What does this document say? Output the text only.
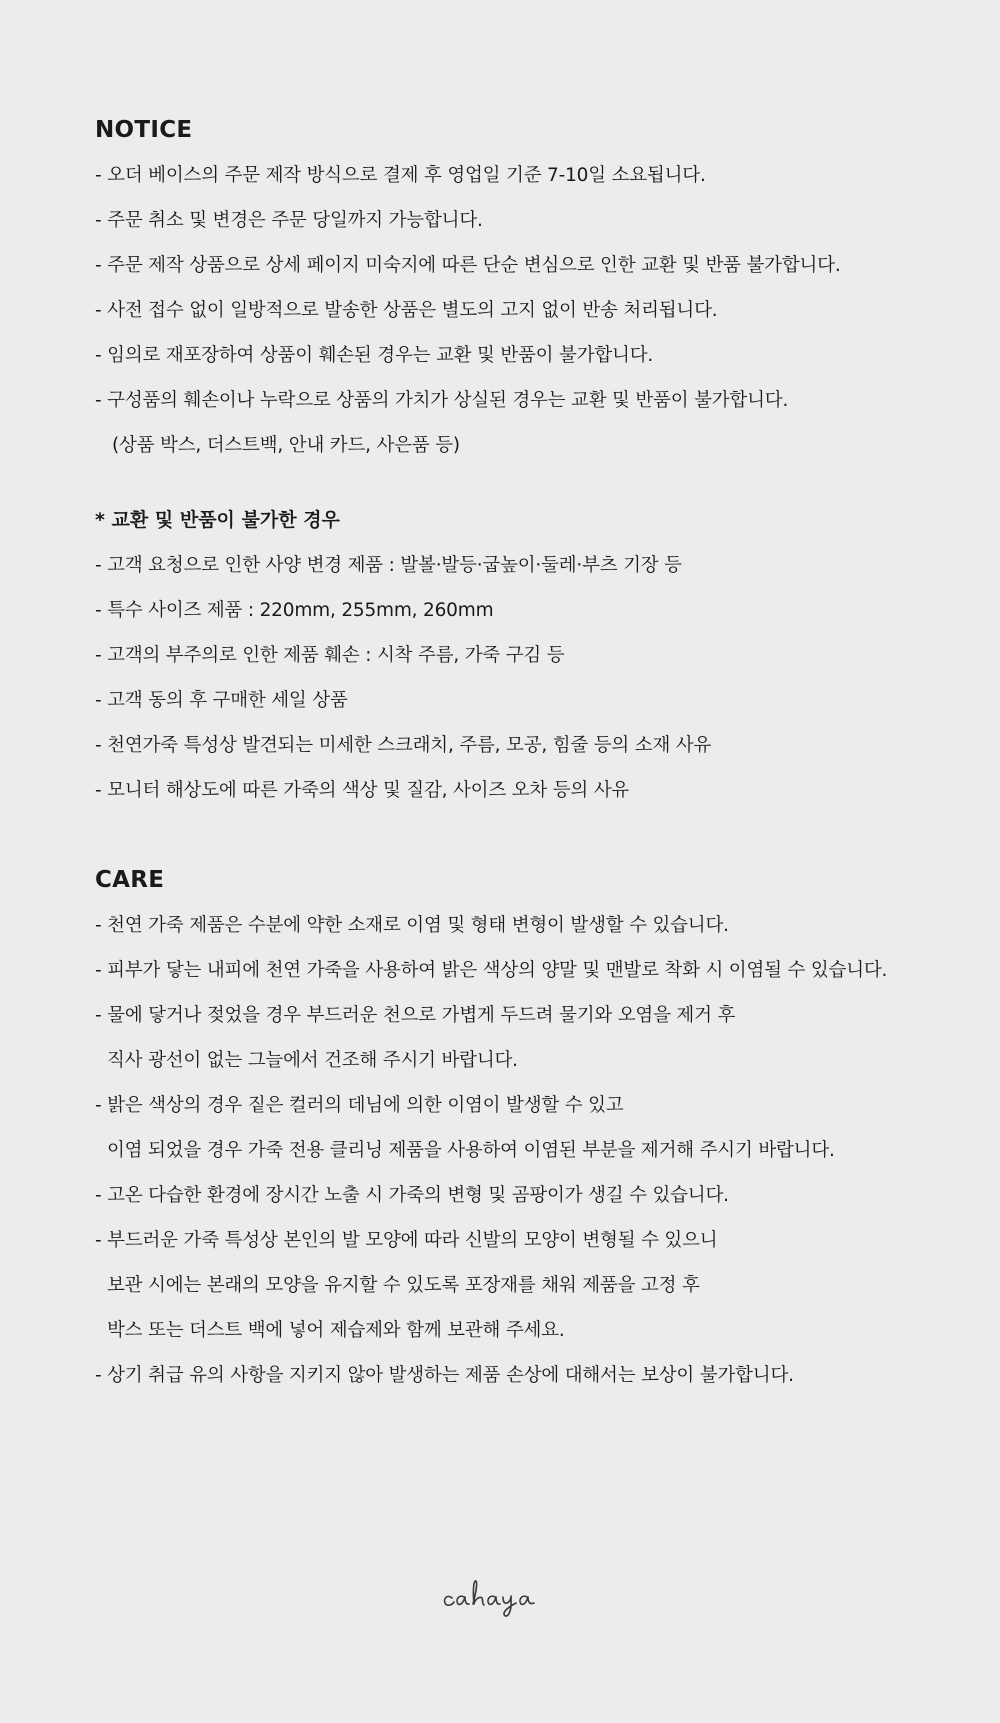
NOTICE
- 오더 베이스의 주문 제작 방식으로 결제 후 영업일 기준 7-10일 소요됩니다.
- 주문 취소 및 변경은 주문 당일까지 가능합니다.
- 주문 제작 상품으로 상세 페이지 미숙지에 따른 단순 변심으로 인한 교환 및 반품 불가합니다.
- 사전 접수 없이 일방적으로 발송한 상품은 별도의 고지 없이 반송 처리됩니다.
- 임의로 재포장하여 상품이 훼손된 경우는 교환 및 반품이 불가합니다.
- 구성품의 훼손이나 누락으로 상품의 가치가 상실된 경우는 교환 및 반품이 불가합니다.
(상품 박스, 더스트백, 안내 카드, 사은품 등)
* 교환 및 반품이 불가한 경우
- 고객 요청으로 인한 사양 변경 제품 : 발볼·발등·굽높이·둘레·부츠 기장 등
- 특수 사이즈 제품 : 220mm, 255mm, 260mm
- 고객의 부주의로 인한 제품 훼손 : 시착 주름, 가죽 구김 등
- 고객 동의 후 구매한 세일 상품
- 천연가죽 특성상 발견되는 미세한 스크래치, 주름, 모공, 힘줄 등의 소재 사유
- 모니터 해상도에 따른 가죽의 색상 및 질감, 사이즈 오차 등의 사유
CARE
- 천연 가죽 제품은 수분에 약한 소재로 이염 및 형태 변형이 발생할 수 있습니다.
- 피부가 닿는 내피에 천연 가죽을 사용하여 밝은 색상의 양말 및 맨발로 착화 시 이염될 수 있습니다.
- 물에 닿거나 젖었을 경우 부드러운 천으로 가볍게 두드려 물기와 오염을 제거 후
직사 광선이 없는 그늘에서 건조해 주시기 바랍니다.
- 밝은 색상의 경우 짙은 컬러의 데님에 의한 이염이 발생할 수 있고
이염 되었을 경우 가죽 전용 클리닝 제품을 사용하여 이염된 부분을 제거해 주시기 바랍니다.
- 고온 다습한 환경에 장시간 노출 시 가죽의 변형 및 곰팡이가 생길 수 있습니다.
- 부드러운 가죽 특성상 본인의 발 모양에 따라 신발의 모양이 변형될 수 있으니
보관 시에는 본래의 모양을 유지할 수 있도록 포장재를 채워 제품을 고정 후
박스 또는 더스트 백에 넣어 제습제와 함께 보관해 주세요.
- 상기 취급 유의 사항을 지키지 않아 발생하는 제품 손상에 대해서는 보상이 불가합니다.
